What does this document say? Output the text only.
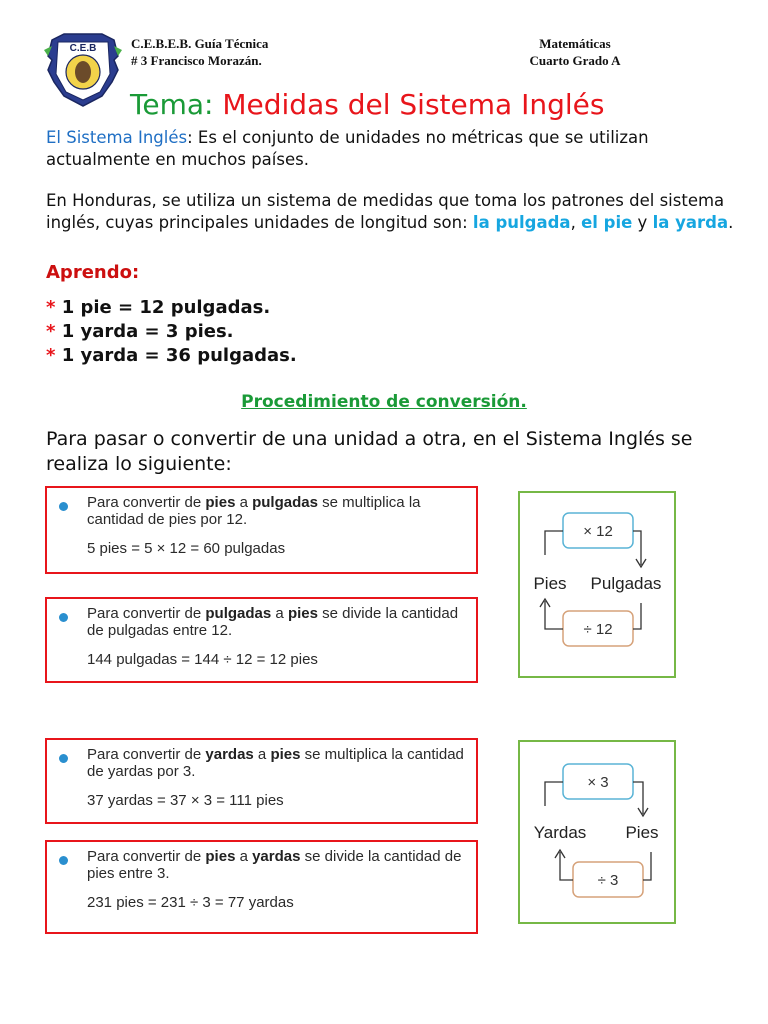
C.E.B	C.E.B.E.B. Guía Técnica
# 3 Francisco Morazán.
Matemáticas
Cuarto Grado A
Tema: Medidas del Sistema Inglés
El Sistema Inglés: Es el conjunto de unidades no métricas que se utilizan actualmente en muchos países.
En Honduras, se utiliza un sistema de medidas que toma los patrones del sistema inglés, cuyas principales unidades de longitud son: la pulgada, el pie y la yarda.
Aprendo:
* 1 pie = 12 pulgadas.
* 1 yarda = 3 pies.
* 1 yarda = 36 pulgadas.
Procedimiento de conversión.
Para pasar o convertir de una unidad a otra, en el Sistema Inglés se realiza lo siguiente:
Para convertir de pies a pulgadas se multiplica la cantidad de pies por 12.
5 pies = 5 × 12 = 60 pulgadas
Para convertir de pulgadas a pies se divide la cantidad de pulgadas entre 12.
144 pulgadas = 144 ÷ 12 = 12 pies
Para convertir de yardas a pies se multiplica la cantidad de yardas por 3.
37 yardas = 37 × 3 = 111 pies
Para convertir de pies a yardas se divide la cantidad de pies entre 3.
231 pies = 231 ÷ 3 = 77 yardas
× 12
Pies Pulgadas
÷ 12
× 3
Yardas Pies
÷ 3
